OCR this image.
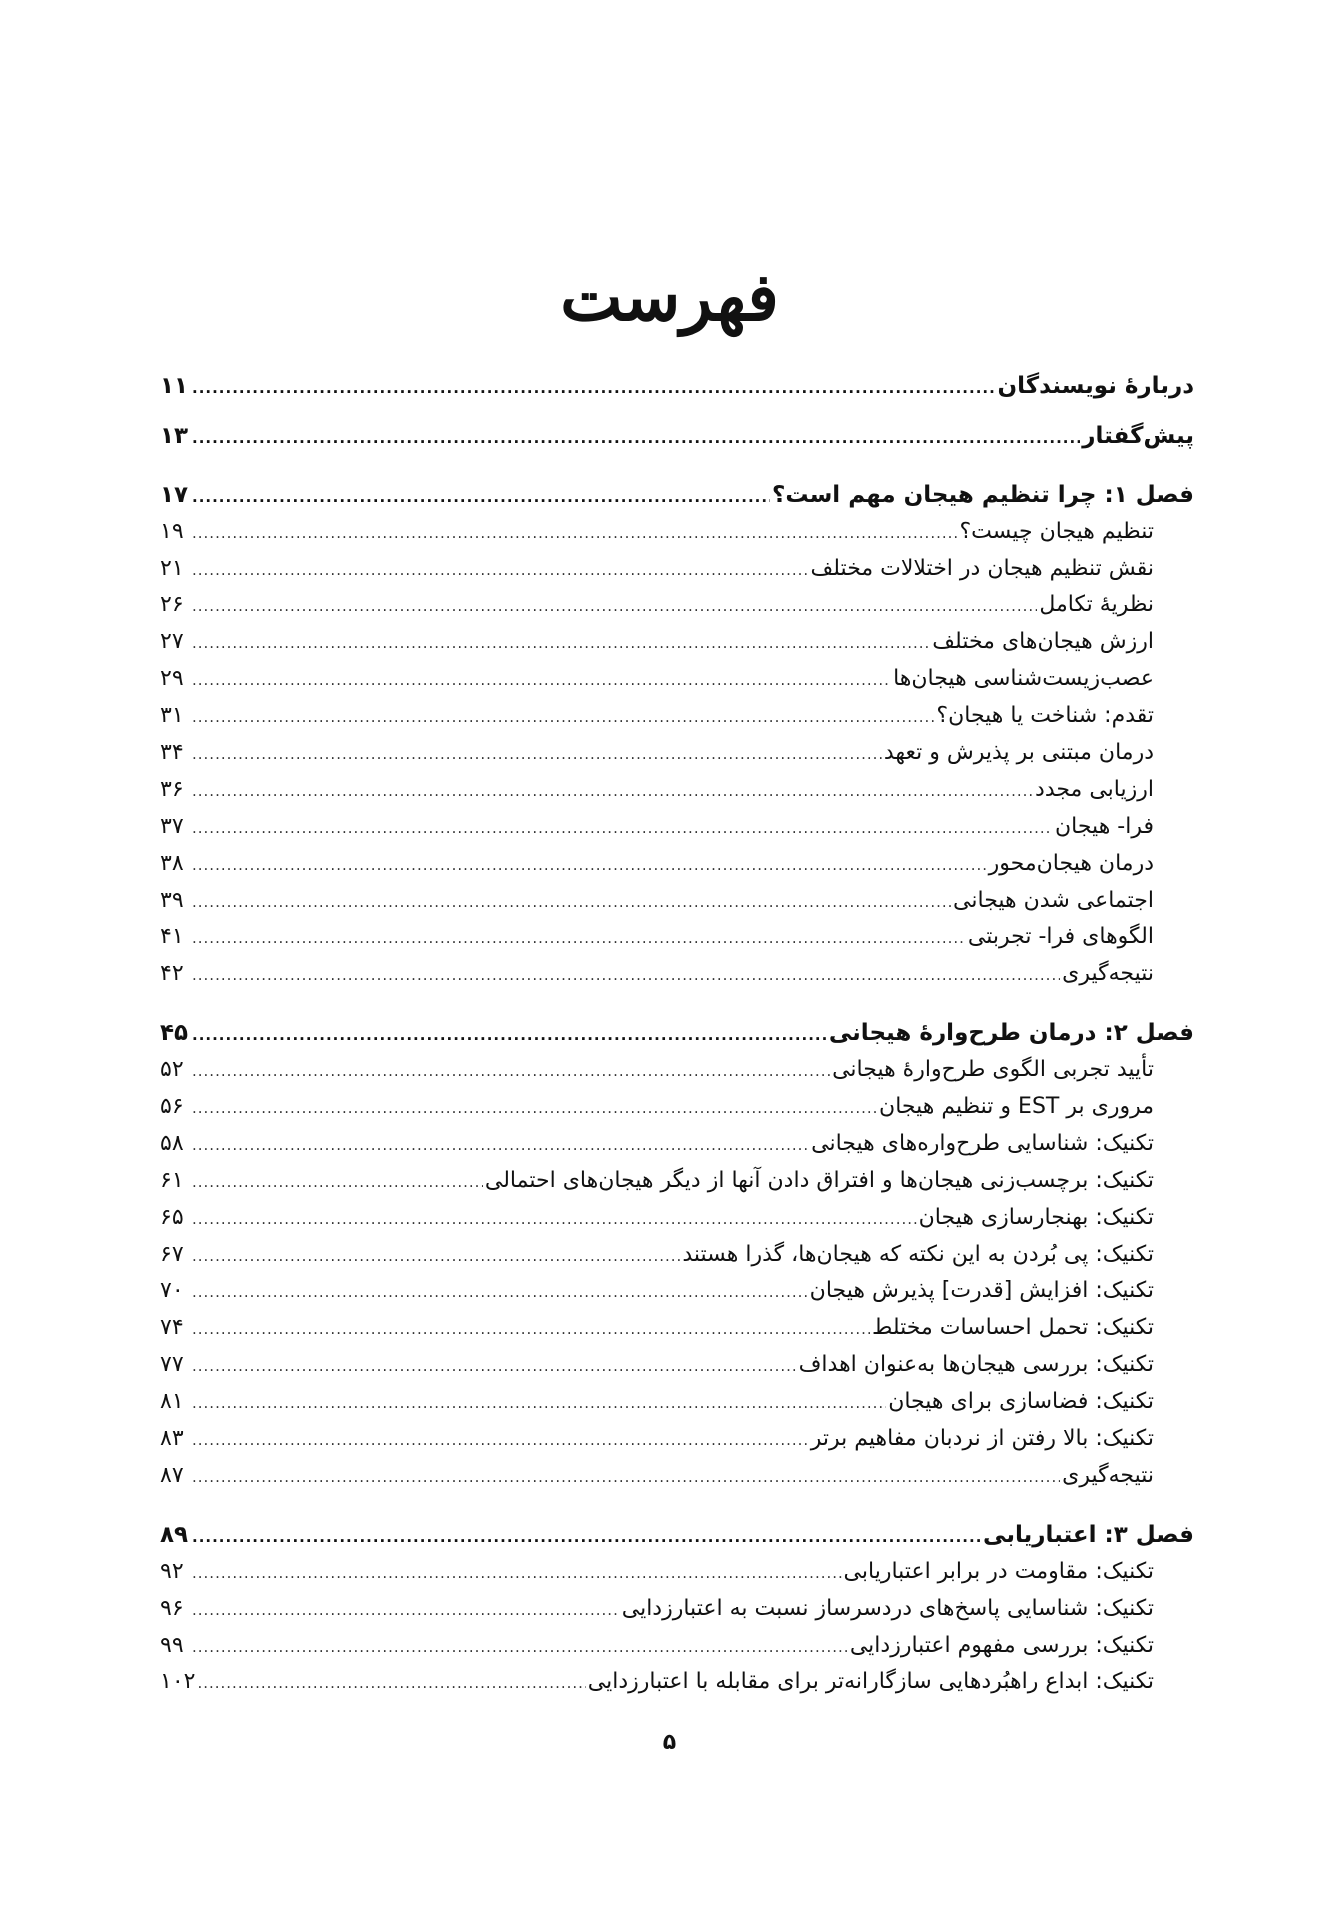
فهرست
دربارهٔ نویسندگان
.....
۱۱
پیش‌گفتار
.....
۱۳
فصل ۱: چرا تنظیم هیجان مهم است؟
.....
۱۷
تنظیم هیجان چیست؟
.....
۱۹
نقش تنظیم هیجان در اختلالات مختلف
.....
۲۱
نظریهٔ تکامل
.....
۲۶
ارزش هیجان‌های مختلف
.....
۲۷
عصب‌زیست‌شناسی هیجان‌ها
.....
۲۹
تقدم: شناخت یا هیجان؟
.....
۳۱
درمان مبتنی بر پذیرش و تعهد
.....
۳۴
ارزیابی مجدد
.....
۳۶
فرا- هیجان
.....
۳۷
درمان هیجان‌محور
.....
۳۸
اجتماعی شدن هیجانی
.....
۳۹
الگوهای فرا- تجربتی
.....
۴۱
نتیجه‌گیری
.....
۴۲
فصل ۲: درمان طرح‌وارهٔ هیجانی
.....
۴۵
تأیید تجربی الگوی طرح‌وارهٔ هیجانی
.....
۵۲
مروری بر EST و تنظیم هیجان
.....
۵۶
تکنیک: شناسایی طرح‌واره‌های هیجانی
.....
۵۸
تکنیک: برچسب‌زنی هیجان‌ها و افتراق دادن آنها از دیگر هیجان‌های احتمالی
.....
۶۱
تکنیک: بهنجارسازی هیجان
.....
۶۵
تکنیک: پی بُردن به این نکته که هیجان‌ها، گذرا هستند
.....
۶۷
تکنیک: افزایش [قدرت] پذیرش هیجان
.....
۷۰
تکنیک: تحمل احساسات مختلط
.....
۷۴
تکنیک: بررسی هیجان‌ها به‌عنوان اهداف
.....
۷۷
تکنیک: فضاسازی برای هیجان
.....
۸۱
تکنیک: بالا رفتن از نردبان مفاهیم برتر
.....
۸۳
نتیجه‌گیری
.....
۸۷
فصل ۳: اعتباریابی
.....
۸۹
تکنیک: مقاومت در برابر اعتباریابی
.....
۹۲
تکنیک: شناسایی پاسخ‌های دردسرساز نسبت به اعتبارزدایی
.....
۹۶
تکنیک: بررسی مفهوم اعتبارزدایی
.....
۹۹
تکنیک: ابداع راهبُردهایی سازگارانه‌تر برای مقابله با اعتبارزدایی
.....
۱۰۲
۵
